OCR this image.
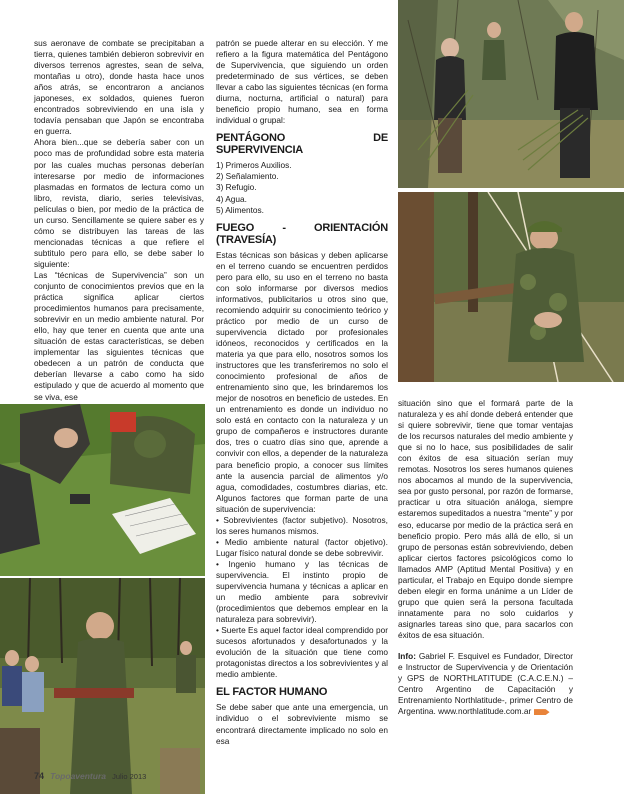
sus aeronave de combate se precipitaban a tierra, quienes también debieron sobrevivir en diversos terrenos agrestes, sean de selva, montañas u otro), donde hasta hace unos años atrás, se encontraron a ancianos japoneses, ex soldados, quienes fueron encontrados sobreviviendo en una isla y todavía pensaban que Japón se encontraba en guerra.

Ahora bien...que se debería saber con un poco mas de profundidad sobre esta materia por las cuales muchas personas deberían interesarse por medio de informaciones plasmadas en formatos de lectura como un libro, revista, diario, series televisivas, películas o bien, por medio de la práctica de un curso. Sencillamente se quiere saber es y cómo se distribuyen las tareas de las mencionadas técnicas a que refiere el subtitulo pero para ello, se debe saber lo siguiente:

Las “técnicas de Supervivencia” son un conjunto de conocimientos previos que en la práctica significa aplicar ciertos procedimientos humanos para precisamente, sobrevivir en un medio ambiente natural. Por ello, hay que tener en cuenta que ante una situación de estas características, se deben implementar las siguientes técnicas que obedecen a un patrón de conducta que deberían llevarse a cabo como ha sido estipulado y que de acuerdo al momento que se viva, ese

patrón se puede alterar en su elección. Y me refiero a la figura matemática del Pentágono de Supervivencia, que siguiendo un orden predeterminado de sus vértices, se deben llevar a cabo las siguientes técnicas (en forma diurna, nocturna, artificial o natural) para beneficio propio humano, sea en forma individual o grupal:

PENTÁGONO DE SUPERVIVENCIA

1) Primeros Auxilios.

2) Señalamiento.

3) Refugio.

4) Agua.

5) Alimentos.

FUEGO - ORIENTACIÓN (TRAVESÍA)

Estas técnicas son básicas y deben aplicarse en el terreno cuando se encuentren perdidos pero para ello, su uso en el terreno no basta con solo informarse por diversos medios informativos, publicitarios u otros sino que, recomiendo adquirir su conocimiento teórico y práctico por medio de un curso de supervivencia dictado por profesionales idóneos, reconocidos y certificados en la materia ya que para ello, nosotros somos los instructores que les transferiremos no solo el conocimiento profesional de años de entrenamiento sino que, les brindaremos los mejor de nosotros en beneficio de ustedes. En un entrenamiento es donde un individuo no solo está en contacto con la naturaleza y un grupo de compañeros e instructores durante dos, tres o cuatro días sino que, aprende a convivir con ellos, a depender de la naturaleza para beneficio propio, a conocer sus límites ante la ausencia parcial de alimentos y/o agua, comodidades, costumbres diarias, etc. Algunos factores que forman parte de una situación de supervivencia:

• Sobrevivientes (factor subjetivo). Nosotros, los seres humanos mismos.

• Medio ambiente natural (factor objetivo). Lugar físico natural donde se debe sobrevivir.

• Ingenio humano y las técnicas de supervivencia. El instinto propio de supervivencia humana y técnicas a aplicar en un medio ambiente para sobrevivir (procedimientos que debemos emplear en la naturaleza para sobrevivir).

• Suerte Es aquel factor ideal comprendido por sucesos afortunados y desafortunados y la evolución de la situación que tiene como protagonistas directos a los sobrevivientes y al medio ambiente.

EL FACTOR HUMANO

Se debe saber que ante una emergencia, un individuo o el sobreviviente mismo se encontrará directamente implicado no solo en esa

situación sino que el formará parte de la naturaleza y es ahí donde deberá entender que si quiere sobrevivir, tiene que tomar ventajas de los recursos naturales del medio ambiente y que si no lo hace, sus posibilidades de salir con éxitos de esa situación serían muy remotas. Nosotros los seres humanos quienes nos abocamos al mundo de la supervivencia, sea por gusto personal, por razón de formarse, practicar u otra situación análoga, siempre estaremos supeditados a nuestra “mente” y por eso, educarse por medio de la práctica será en beneficio propio. Pero más allá de ello, si un grupo de personas están sobreviviendo, deben aplicar ciertos factores psicológicos como lo llamados AMP (Aptitud Mental Positiva) y en particular, el Trabajo en Equipo donde siempre deben elegir en forma unánime a un Líder de grupo que quien será la persona facultada innatamente para no solo cuidarlos y asignarles tareas sino que, para sacarlos con éxitos de esa situación.

Info: Gabriel F. Esquivel es Fundador, Director e Instructor de Supervivencia y de Orientación y GPS de NORTHLATITUDE (C.A.C.E.N.) –Centro Argentino de Capacitación y Entrenamiento Northlatitude-, primer Centro de Argentina. www.northlatitude.com.ar

74 Topoaventura Julio 2013
